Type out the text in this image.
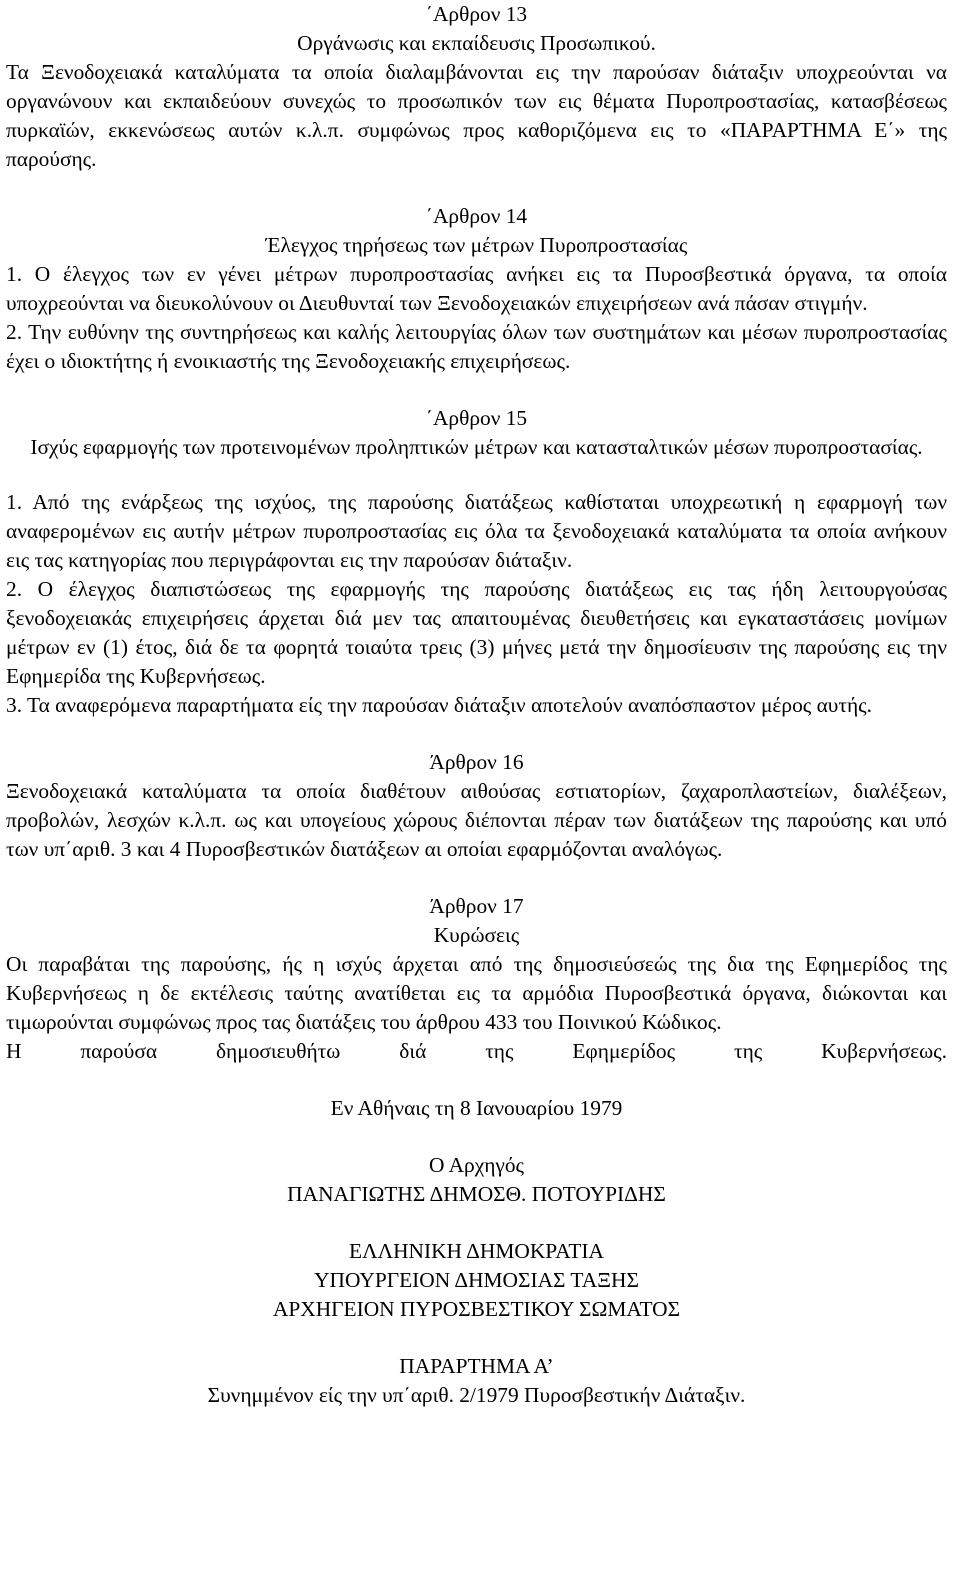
΄Αρθρον 13

Οργάνωσις και εκπαίδευσις Προσωπικού.

Τα Ξενοδοχειακά καταλύματα τα οποία διαλαμβάνονται εις την παρούσαν διάταξιν υποχρεούνται να οργανώνουν και εκπαιδεύουν συνεχώς το προσωπικόν των εις θέματα Πυροπροστασίας, κατασβέσεως πυρκαϊών, εκκενώσεως αυτών κ.λ.π. συμφώνως προς καθοριζόμενα εις το «ΠΑΡΑΡΤΗΜΑ Ε΄» της παρούσης.

΄Αρθρον 14

Έλεγχος τηρήσεως των μέτρων Πυροπροστασίας

1. Ο έλεγχος των εν γένει μέτρων πυροπροστασίας ανήκει εις τα Πυροσβεστικά όργανα, τα οποία υποχρεούνται να διευκολύνουν οι Διευθυνταί των Ξενοδοχειακών επιχειρήσεων ανά πάσαν στιγμήν.

2. Την ευθύνην της συντηρήσεως και καλής λειτουργίας όλων των συστημάτων και μέσων πυροπροστασίας έχει ο ιδιοκτήτης ή ενοικιαστής της Ξενοδοχειακής επιχειρήσεως.

΄Αρθρον 15

Ισχύς εφαρμογής των προτεινομένων προληπτικών μέτρων και κατασταλτικών μέσων πυροπροστασίας.

1. Από της ενάρξεως της ισχύος, της παρούσης διατάξεως καθίσταται υποχρεωτική η εφαρμογή των αναφερομένων εις αυτήν μέτρων πυροπροστασίας εις όλα τα ξενοδοχειακά καταλύματα τα οποία ανήκουν εις τας κατηγορίας που περιγράφονται εις την παρούσαν διάταξιν.

2. Ο έλεγχος διαπιστώσεως της εφαρμογής της παρούσης διατάξεως εις τας ήδη λειτουργούσας ξενοδοχειακάς επιχειρήσεις άρχεται διά μεν τας απαιτουμένας διευθετήσεις και εγκαταστάσεις μονίμων μέτρων εν (1) έτος, διά δε τα φορητά τοιαύτα τρεις (3) μήνες μετά την δημοσίευσιν της παρούσης εις την Εφημερίδα της Κυβερνήσεως.

3. Τα αναφερόμενα παραρτήματα είς την παρούσαν διάταξιν αποτελούν αναπόσπαστον μέρος αυτής.

Άρθρον 16

Ξενοδοχειακά καταλύματα τα οποία διαθέτουν αιθούσας εστιατορίων, ζαχαροπλαστείων, διαλέξεων, προβολών, λεσχών κ.λ.π. ως και υπογείους χώρους διέπονται πέραν των διατάξεων της παρούσης και υπό των υπ΄αριθ. 3 και 4 Πυροσβεστικών διατάξεων αι οποίαι εφαρμόζονται αναλόγως.

Άρθρον 17

Κυρώσεις

Οι παραβάται της παρούσης, ής η ισχύς άρχεται από της δημοσιεύσεώς της δια της Εφημερίδος της Κυβερνήσεως η δε εκτέλεσις ταύτης ανατίθεται εις τα αρμόδια Πυροσβεστικά όργανα, διώκονται και τιμωρούνται συμφώνως προς τας διατάξεις του άρθρου 433 του Ποινικού Κώδικος.

Η παρούσα δημοσιευθήτω διά της Εφημερίδος της Κυβερνήσεως.

Εν Αθήναις τη 8 Ιανουαρίου 1979

Ο Αρχηγός

ΠΑΝΑΓΙΩΤΗΣ ΔΗΜΟΣΘ. ΠΟΤΟΥΡΙΔΗΣ

ΕΛΛΗΝΙΚΗ ΔΗΜΟΚΡΑΤΙΑ

ΥΠΟΥΡΓΕΙΟΝ ΔΗΜΟΣΙΑΣ ΤΑΞΗΣ

ΑΡΧΗΓΕΙΟΝ ΠΥΡΟΣΒΕΣΤΙΚΟΥ ΣΩΜΑΤΟΣ

ΠΑΡΑΡΤΗΜΑ Α’

Συνημμένον είς την υπ΄αριθ. 2/1979 Πυροσβεστικήν Διάταξιν.
